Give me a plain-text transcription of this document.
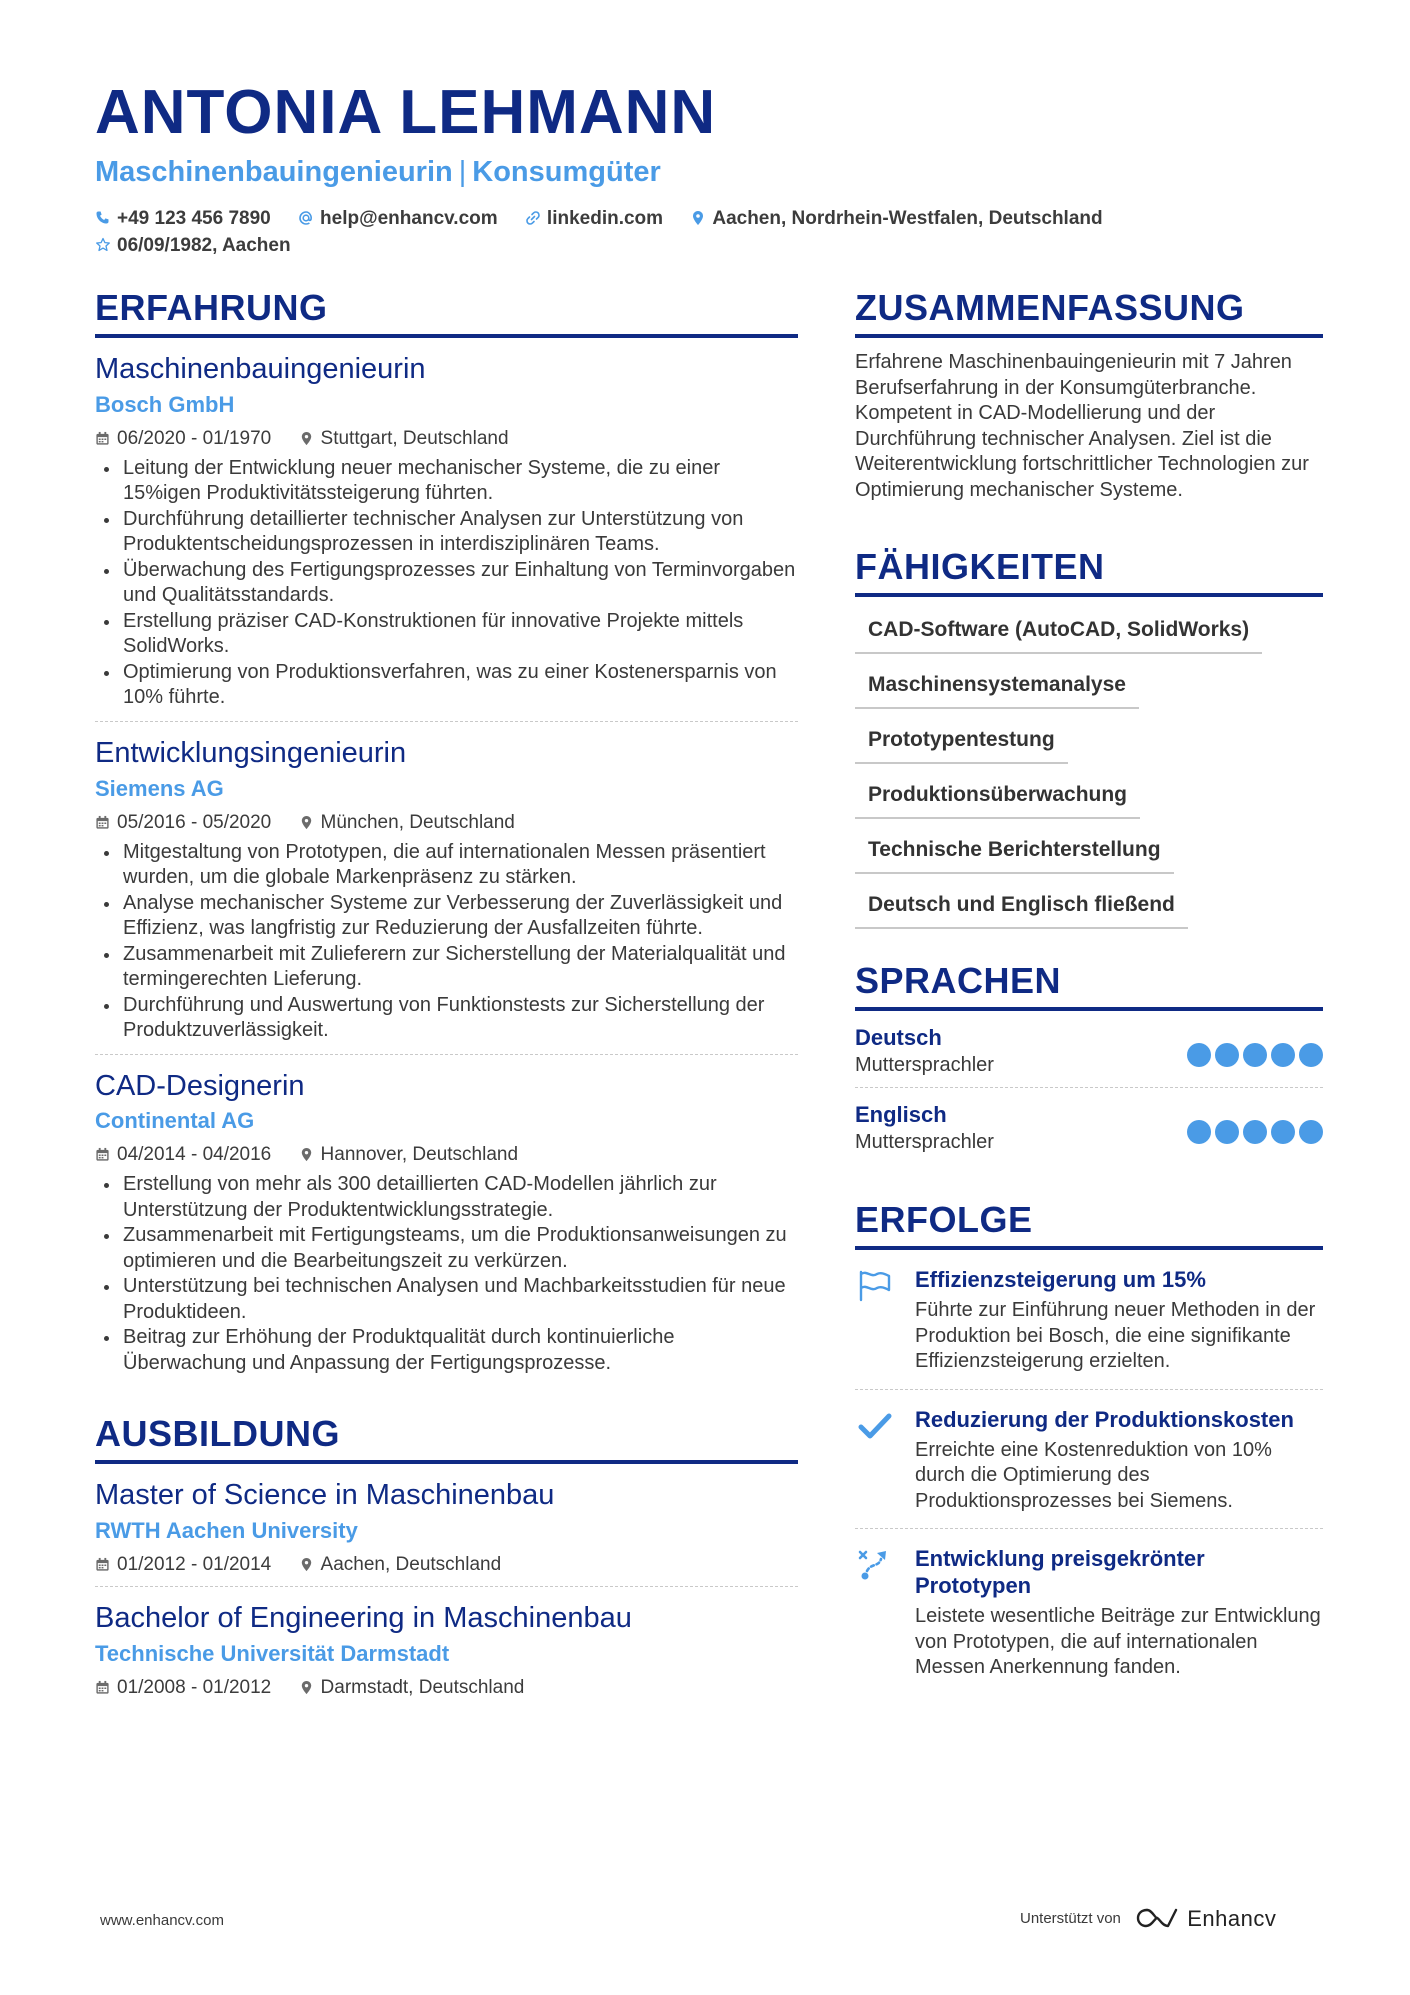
ANTONIA LEHMANN
Maschinenbauingenieurin | Konsumgüter
+49 123 456 7890	help@enhancv.com	linkedin.com	Aachen, Nordrhein-Westfalen, Deutschland
06/09/1982, Aachen
ERFAHRUNG
Maschinenbauingenieurin
Bosch GmbH
06/2020 - 01/1970	Stuttgart, Deutschland
Leitung der Entwicklung neuer mechanischer Systeme, die zu einer 15%igen Produktivitätssteigerung führten.
Durchführung detaillierter technischer Analysen zur Unterstützung von Produktentscheidungsprozessen in interdisziplinären Teams.
Überwachung des Fertigungsprozesses zur Einhaltung von Terminvorgaben und Qualitätsstandards.
Erstellung präziser CAD-Konstruktionen für innovative Projekte mittels SolidWorks.
Optimierung von Produktionsverfahren, was zu einer Kostenersparnis von 10% führte.
Entwicklungsingenieurin
Siemens AG
05/2016 - 05/2020	München, Deutschland
Mitgestaltung von Prototypen, die auf internationalen Messen präsentiert wurden, um die globale Markenpräsenz zu stärken.
Analyse mechanischer Systeme zur Verbesserung der Zuverlässigkeit und Effizienz, was langfristig zur Reduzierung der Ausfallzeiten führte.
Zusammenarbeit mit Zulieferern zur Sicherstellung der Materialqualität und termingerechten Lieferung.
Durchführung und Auswertung von Funktionstests zur Sicherstellung der Produktzuverlässigkeit.
CAD-Designerin
Continental AG
04/2014 - 04/2016	Hannover, Deutschland
Erstellung von mehr als 300 detaillierten CAD-Modellen jährlich zur Unterstützung der Produktentwicklungsstrategie.
Zusammenarbeit mit Fertigungsteams, um die Produktionsanweisungen zu optimieren und die Bearbeitungszeit zu verkürzen.
Unterstützung bei technischen Analysen und Machbarkeitsstudien für neue Produktideen.
Beitrag zur Erhöhung der Produktqualität durch kontinuierliche Überwachung und Anpassung der Fertigungsprozesse.
AUSBILDUNG
Master of Science in Maschinenbau
RWTH Aachen University
01/2012 - 01/2014	Aachen, Deutschland
Bachelor of Engineering in Maschinenbau
Technische Universität Darmstadt
01/2008 - 01/2012	Darmstadt, Deutschland
ZUSAMMENFASSUNG
Erfahrene Maschinenbauingenieurin mit 7 Jahren Berufserfahrung in der Konsumgüterbranche. Kompetent in CAD-Modellierung und der Durchführung technischer Analysen. Ziel ist die Weiterentwicklung fortschrittlicher Technologien zur Optimierung mechanischer Systeme.
FÄHIGKEITEN
CAD-Software (AutoCAD, SolidWorks)
Maschinensystemanalyse
Prototypentestung
Produktionsüberwachung
Technische Berichterstellung
Deutsch und Englisch fließend
SPRACHEN
Deutsch
Muttersprachler
Englisch
Muttersprachler
ERFOLGE
Effizienzsteigerung um 15%
Führte zur Einführung neuer Methoden in der Produktion bei Bosch, die eine signifikante Effizienzsteigerung erzielten.
Reduzierung der Produktionskosten
Erreichte eine Kostenreduktion von 10% durch die Optimierung des Produktionsprozesses bei Siemens.
Entwicklung preisgekrönter Prototypen
Leistete wesentliche Beiträge zur Entwicklung von Prototypen, die auf internationalen Messen Anerkennung fanden.
www.enhancv.com	Unterstützt von	Enhancv
